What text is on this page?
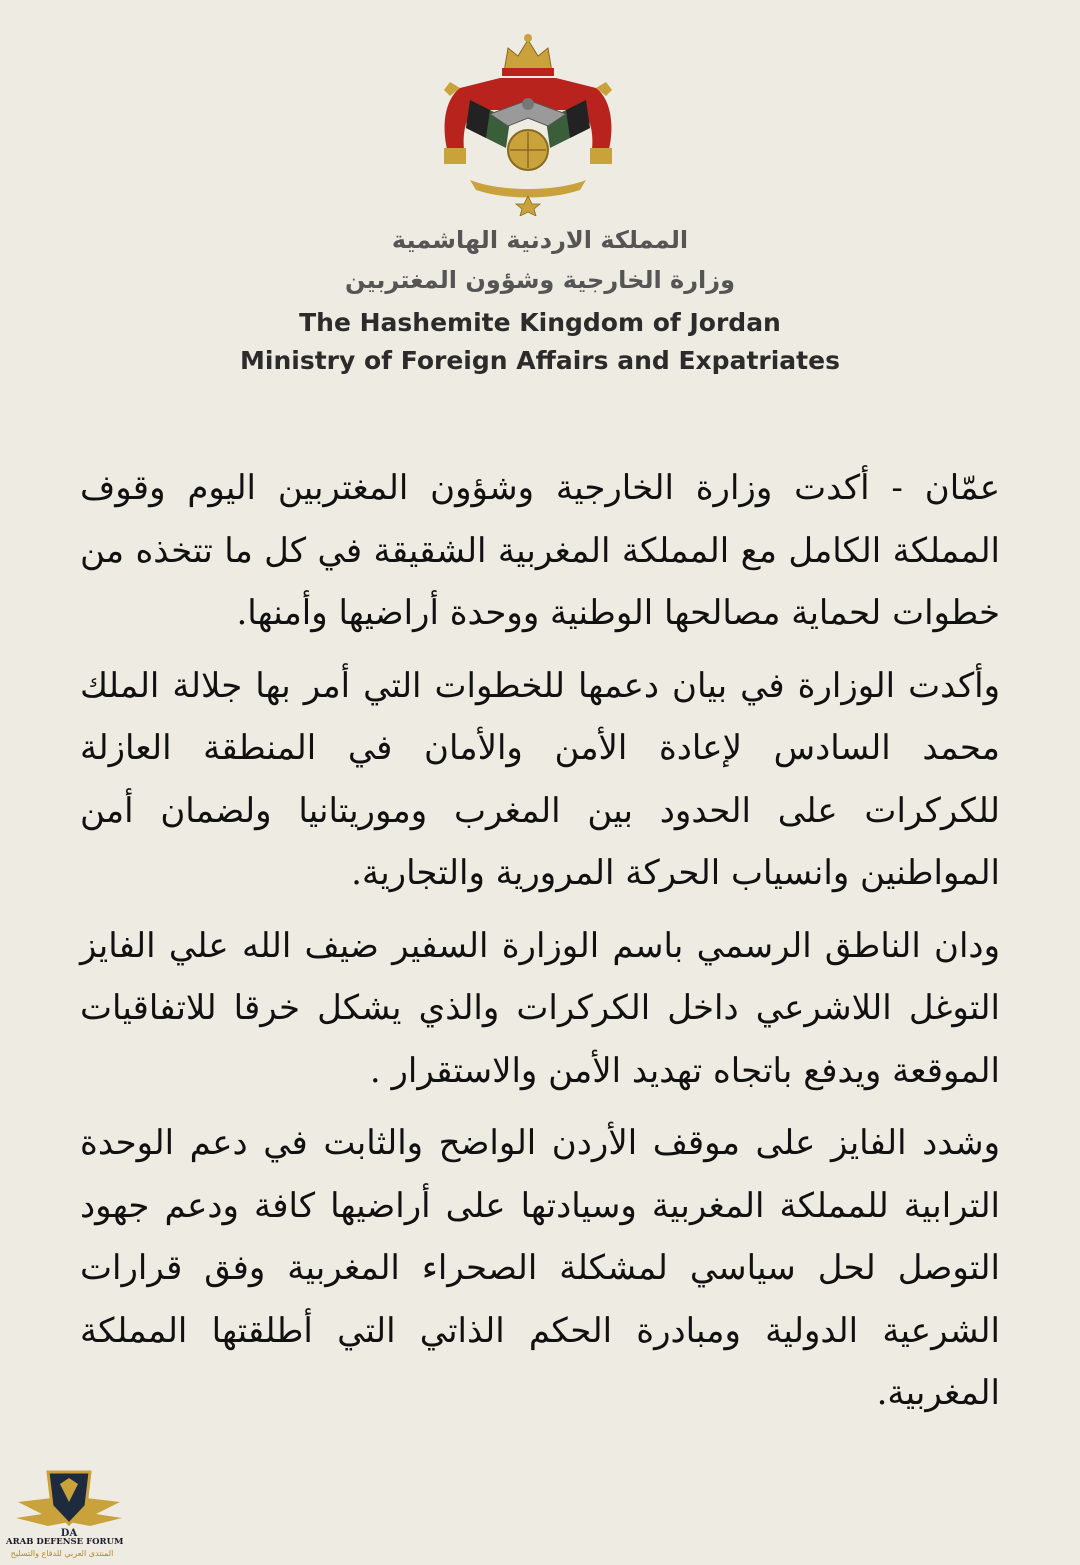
المملكة الاردنية الهاشمية
وزارة الخارجية وشؤون المغتربين
The Hashemite Kingdom of Jordan
Ministry of Foreign Affairs and Expatriates

عمّان - أكدت وزارة الخارجية وشؤون المغتربين اليوم وقوف المملكة الكامل مع المملكة المغربية الشقيقة في كل ما تتخذه من خطوات لحماية مصالحها الوطنية ووحدة أراضيها وأمنها.

وأكدت الوزارة في بيان دعمها للخطوات التي أمر بها جلالة الملك محمد السادس لإعادة الأمن والأمان في المنطقة العازلة للكركرات على الحدود بين المغرب وموريتانيا ولضمان أمن المواطنين وانسياب الحركة المرورية والتجارية.

ودان الناطق الرسمي باسم الوزارة السفير ضيف الله علي الفايز التوغل اللاشرعي داخل الكركرات والذي يشكل خرقا للاتفاقيات الموقعة ويدفع باتجاه تهديد الأمن والاستقرار .

وشدد الفايز على موقف الأردن الواضح والثابت في دعم الوحدة الترابية للمملكة المغربية وسيادتها على أراضيها كافة ودعم جهود التوصل لحل سياسي لمشكلة الصحراء المغربية وفق قرارات الشرعية الدولية ومبادرة الحكم الذاتي التي أطلقتها المملكة المغربية.

DA
ARAB DEFENSE FORUM
المنتدى العربي للدفاع والتسليح
